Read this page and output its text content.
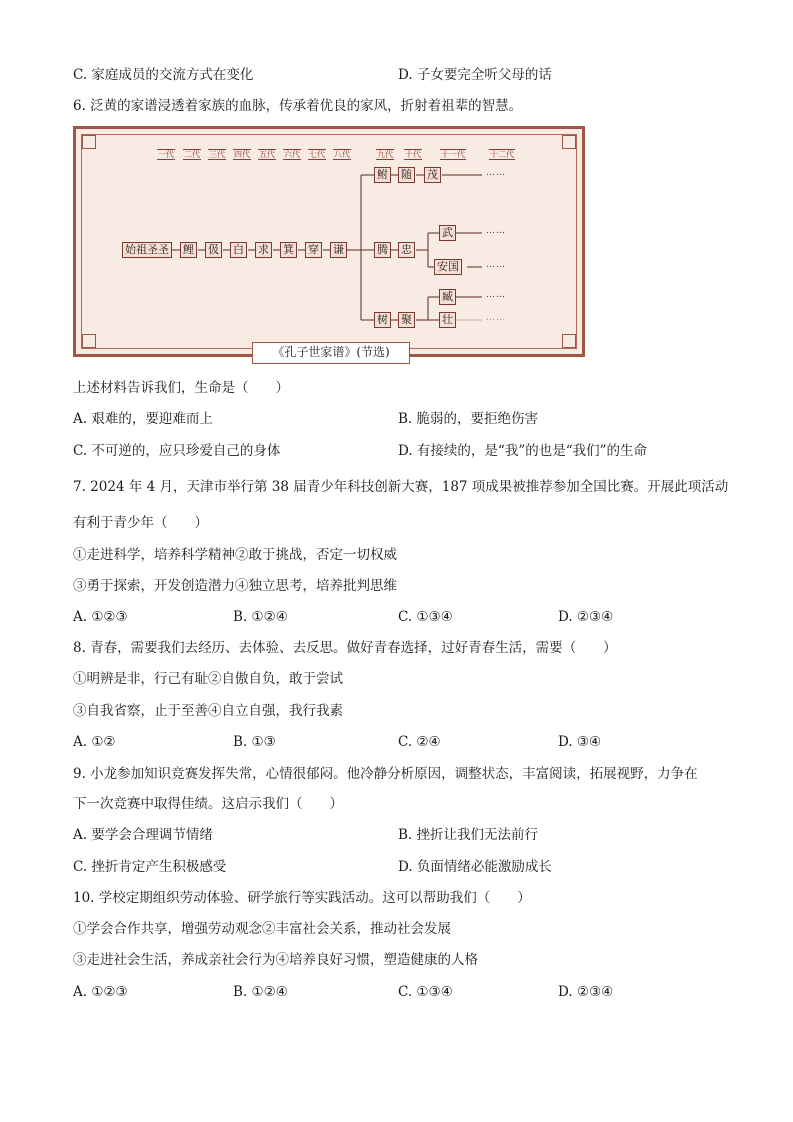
C. 家庭成员的交流方式在变化	D. 子女要完全听父母的话
6. 泛黄的家谱浸透着家族的血脉，传承着优良的家风，折射着祖辈的智慧。
一代 二代 三代 四代 五代 六代 七代 八代	九代 十代	十一代	十二代
始祖圣圣 鲤 伋 白 求 箕 穿 谦
鲋 随 茂	……
腾 忠
武	……
安国	……
树 聚
臧	……
壮	……
《孔子世家谱》(节选)
上述材料告诉我们，生命是（　　）
A. 艰难的，要迎难而上	B. 脆弱的，要拒绝伤害
C. 不可逆的，应只珍爱自己的身体	D. 有接续的，是“我”的也是“我们”的生命
7. 2024 年 4 月，天津市举行第 38 届青少年科技创新大赛，187 项成果被推荐参加全国比赛。开展此项活动
有利于青少年（　　）
①走进科学，培养科学精神②敢于挑战，否定一切权威
③勇于探索，开发创造潜力④独立思考，培养批判思维
A. ①②③	B. ①②④	C. ①③④	D. ②③④
8. 青春，需要我们去经历、去体验、去反思。做好青春选择，过好青春生活，需要（　　）
①明辨是非，行己有耻②自傲自负，敢于尝试
③自我省察，止于至善④自立自强，我行我素
A. ①②	B. ①③	C. ②④	D. ③④
9. 小龙参加知识竞赛发挥失常，心情很郁闷。他冷静分析原因，调整状态，丰富阅读，拓展视野，力争在
下一次竞赛中取得佳绩。这启示我们（　　）
A. 要学会合理调节情绪	B. 挫折让我们无法前行
C. 挫折肯定产生积极感受	D. 负面情绪必能激励成长
10. 学校定期组织劳动体验、研学旅行等实践活动。这可以帮助我们（　　）
①学会合作共享，增强劳动观念②丰富社会关系，推动社会发展
③走进社会生活，养成亲社会行为④培养良好习惯，塑造健康的人格
A. ①②③	B. ①②④	C. ①③④	D. ②③④
